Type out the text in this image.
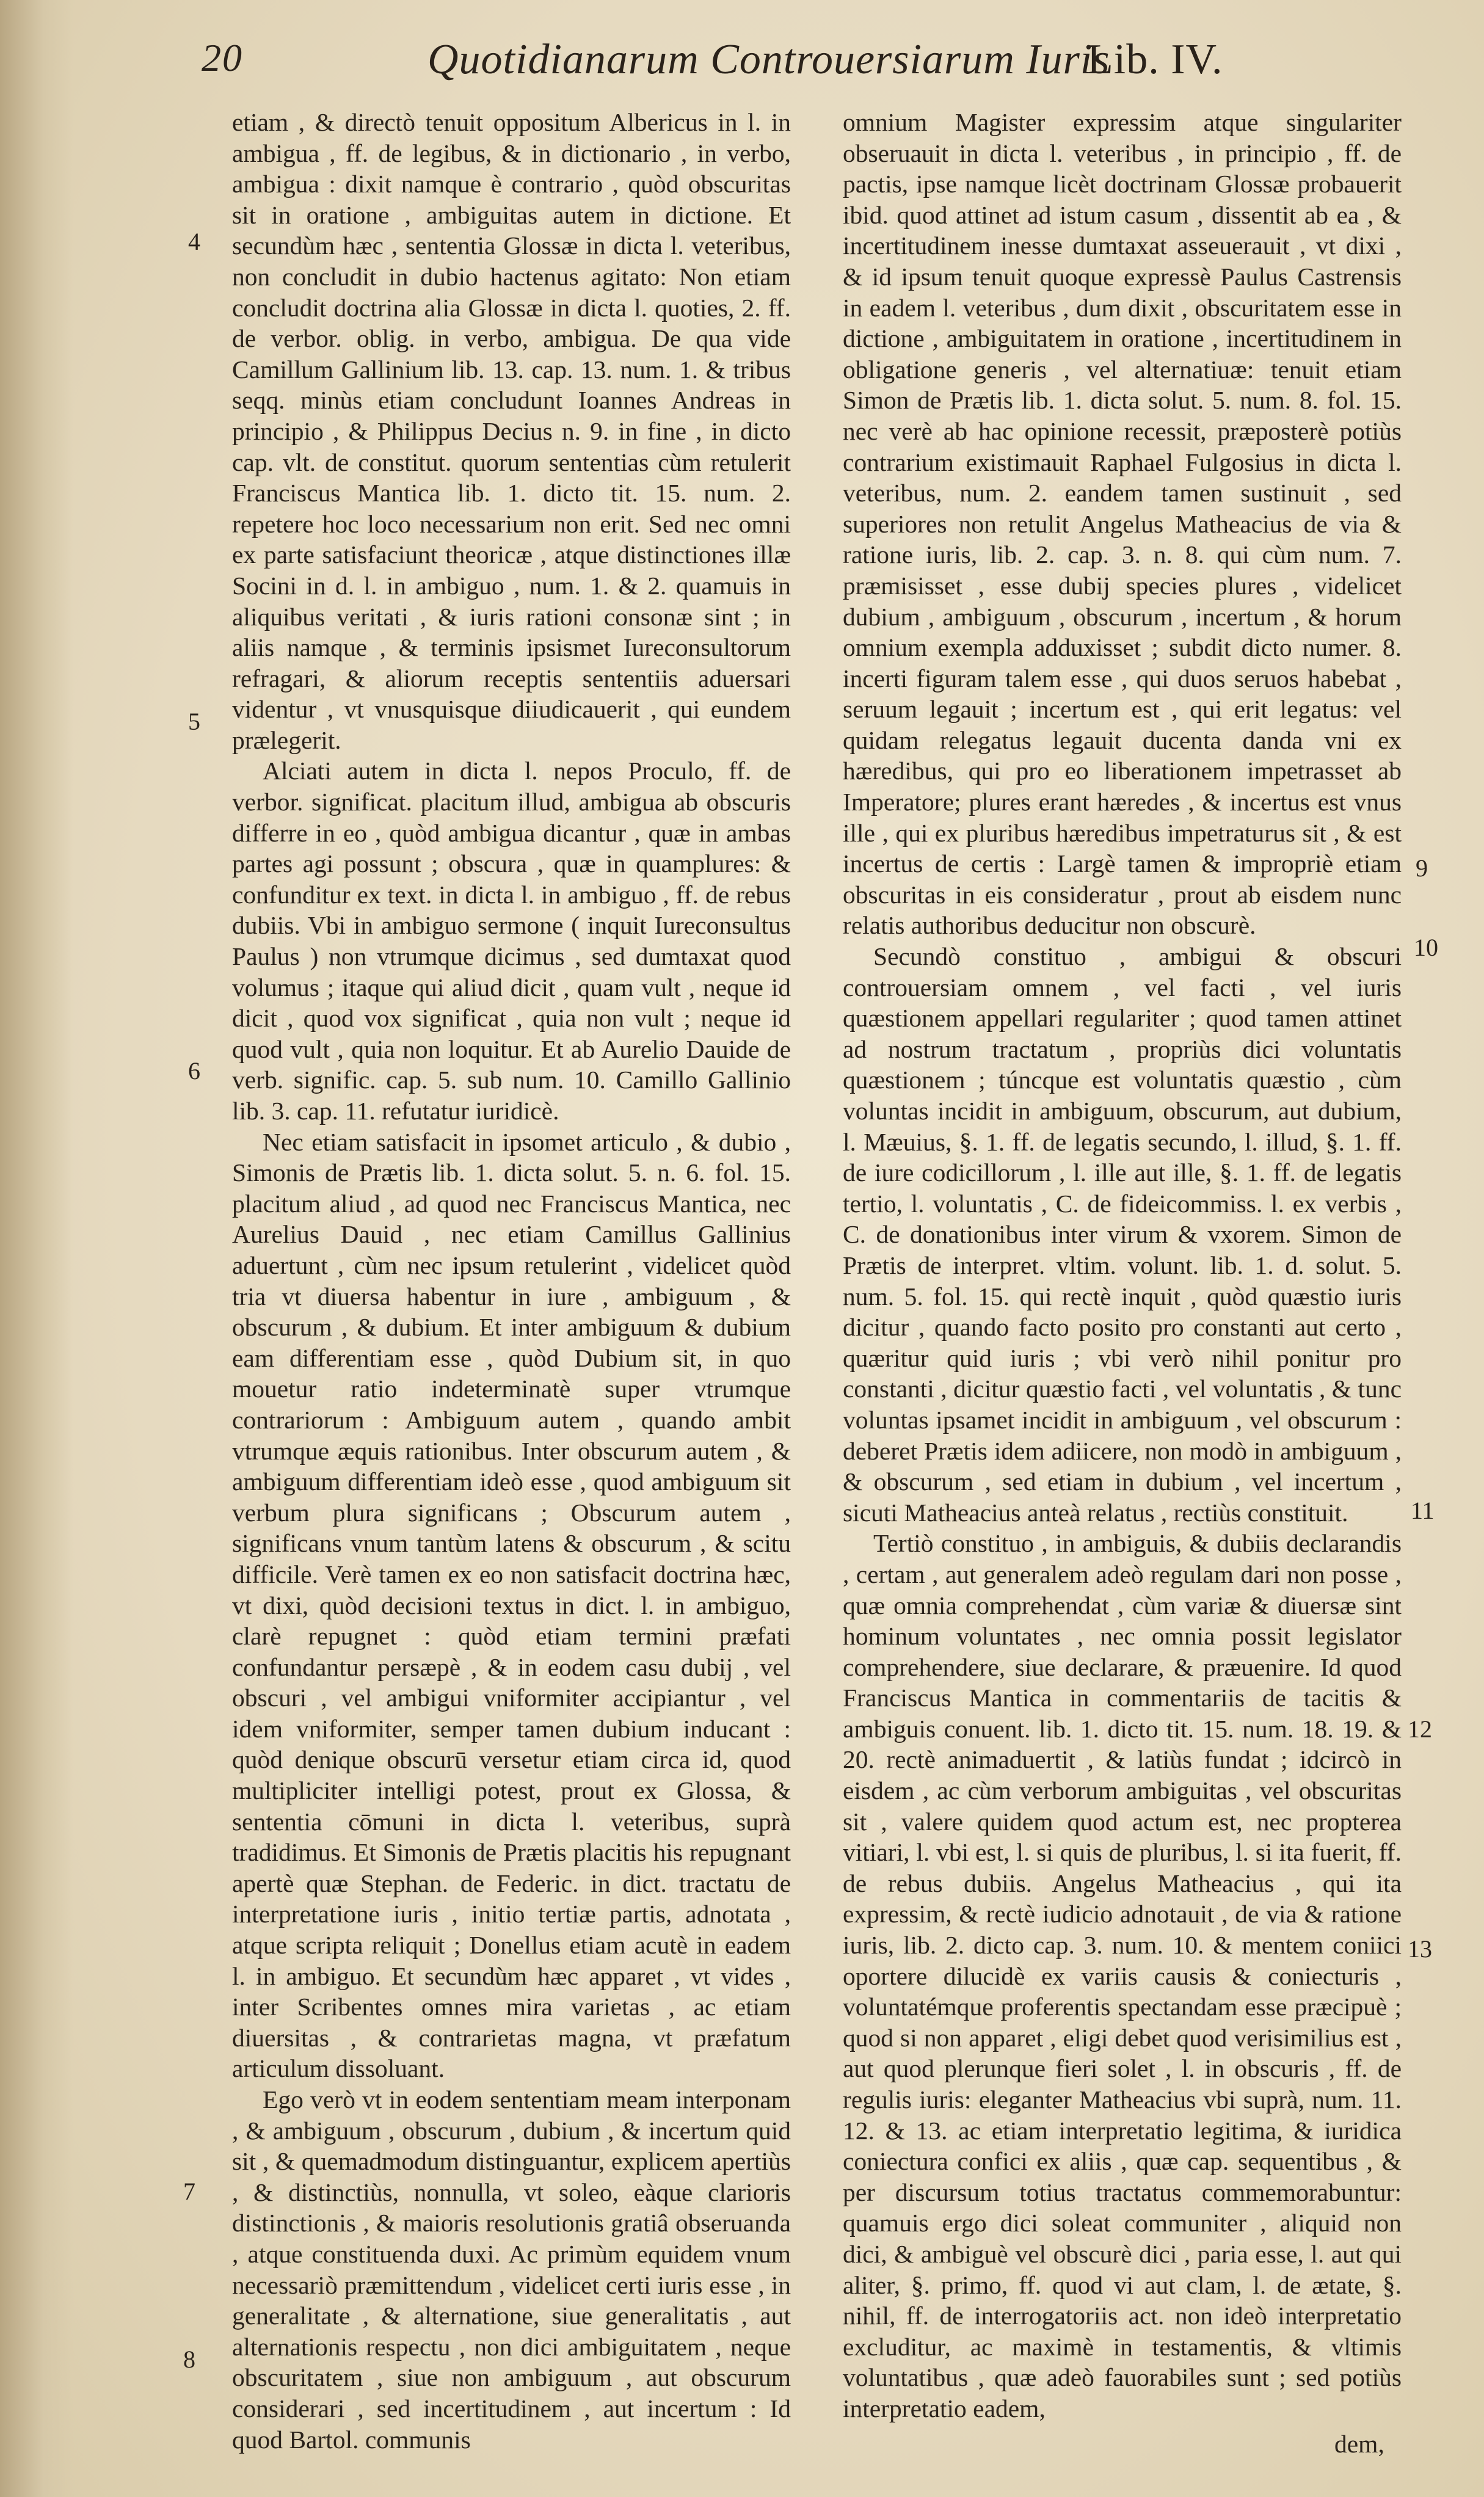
20	Quotidianarum Controuersiarum Iuris
Lib. IV.

etiam , & directò tenuit oppositum Albericus in l. in ambigua , ff. de legibus, & in dictionario , in verbo, ambigua : dixit namque è contrario , quòd obscuritas sit in oratione , ambiguitas autem in dictione. Et secundùm hæc , sententia Glossæ in dicta l. veteribus, non concludit in dubio hactenus agitato: Non etiam concludit doctrina alia Glossæ in dicta l. quoties, 2. ff. de verbor. oblig. in verbo, ambigua. De qua vide Camillum Gallinium lib. 13. cap. 13. num. 1. & tribus seqq. minùs etiam concludunt Ioannes Andreas in principio , & Philippus Decius n. 9. in fine , in dicto cap. vlt. de constitut. quorum sententias cùm retulerit Franciscus Mantica lib. 1. dicto tit. 15. num. 2. repetere hoc loco necessarium non erit. Sed nec omni ex parte satisfaciunt theoricæ , atque distinctiones illæ Socini in d. l. in ambiguo , num. 1. & 2. quamuis in aliquibus veritati , & iuris rationi consonæ sint ; in aliis namque , & terminis ipsismet Iureconsultorum refragari, & aliorum receptis sententiis aduersari videntur , vt vnusquisque diiudicauerit , qui eundem prælegerit.

Alciati autem in dicta l. nepos Proculo, ff. de verbor. significat. placitum illud, ambigua ab obscuris differre in eo , quòd ambigua dicantur , quæ in ambas partes agi possunt ; obscura , quæ in quamplures: & confunditur ex text. in dicta l. in ambiguo , ff. de rebus dubiis. Vbi in ambiguo sermone ( inquit Iureconsultus Paulus ) non vtrumque dicimus , sed dumtaxat quod volumus ; itaque qui aliud dicit , quam vult , neque id dicit , quod vox significat , quia non vult ; neque id quod vult , quia non loquitur. Et ab Aurelio Dauide de verb. signific. cap. 5. sub num. 10. Camillo Gallinio lib. 3. cap. 11. refutatur iuridicè.

Nec etiam satisfacit in ipsomet articulo , & dubio , Simonis de Prætis lib. 1. dicta solut. 5. n. 6. fol. 15. placitum aliud , ad quod nec Franciscus Mantica, nec Aurelius Dauid , nec etiam Camillus Gallinius aduertunt , cùm nec ipsum retulerint , videlicet quòd tria vt diuersa habentur in iure , ambiguum , & obscurum , & dubium. Et inter ambiguum & dubium eam differentiam esse , quòd Dubium sit, in quo mouetur ratio indeterminatè super vtrumque contrariorum : Ambiguum autem , quando ambit vtrumque æquis rationibus. Inter obscurum autem , & ambiguum differentiam ideò esse , quod ambiguum sit verbum plura significans ; Obscurum autem , significans vnum tantùm latens & obscurum , & scitu difficile. Verè tamen ex eo non satisfacit doctrina hæc, vt dixi, quòd decisioni textus in dict. l. in ambiguo, clarè repugnet : quòd etiam termini præfati confundantur persæpè , & in eodem casu dubij , vel obscuri , vel ambigui vniformiter accipiantur , vel idem vniformiter, semper tamen dubium inducant : quòd denique obscurū versetur etiam circa id, quod multipliciter intelligi potest, prout ex Glossa, & sententia cōmuni in dicta l. veteribus, suprà tradidimus. Et Simonis de Prætis placitis his repugnant apertè quæ Stephan. de Federic. in dict. tractatu de interpretatione iuris , initio tertiæ partis, adnotata , atque scripta reliquit ; Donellus etiam acutè in eadem l. in ambiguo. Et secundùm hæc apparet , vt vides , inter Scribentes omnes mira varietas , ac etiam diuersitas , & contrarietas magna, vt præfatum articulum dissoluant.

Ego verò vt in eodem sententiam meam interponam , & ambiguum , obscurum , dubium , & incertum quid sit , & quemadmodum distinguantur, explicem apertiùs , & distinctiùs, nonnulla, vt soleo, eàque clarioris distinctionis , & maioris resolutionis gratiâ obseruanda , atque constituenda duxi. Ac primùm equidem vnum necessariò præmittendum , videlicet certi iuris esse , in generalitate , & alternatione, siue generalitatis , aut alternationis respectu , non dici ambiguitatem , neque obscuritatem , siue non ambiguum , aut obscurum considerari , sed incertitudinem , aut incertum : Id quod Bartol. communis

omnium Magister expressim atque singulariter obseruauit in dicta l. veteribus , in principio , ff. de pactis, ipse namque licèt doctrinam Glossæ probauerit ibid. quod attinet ad istum casum , dissentit ab ea , & incertitudinem inesse dumtaxat asseuerauit , vt dixi , & id ipsum tenuit quoque expressè Paulus Castrensis in eadem l. veteribus , dum dixit , obscuritatem esse in dictione , ambiguitatem in oratione , incertitudinem in obligatione generis , vel alternatiuæ: tenuit etiam Simon de Prætis lib. 1. dicta solut. 5. num. 8. fol. 15. nec verè ab hac opinione recessit, præposterè potiùs contrarium existimauit Raphael Fulgosius in dicta l. veteribus, num. 2. eandem tamen sustinuit , sed superiores non retulit Angelus Matheacius de via & ratione iuris, lib. 2. cap. 3. n. 8. qui cùm num. 7. præmisisset , esse dubij species plures , videlicet dubium , ambiguum , obscurum , incertum , & horum omnium exempla adduxisset ; subdit dicto numer. 8. incerti figuram talem esse , qui duos seruos habebat , seruum legauit ; incertum est , qui erit legatus: vel quidam relegatus legauit ducenta danda vni ex hæredibus, qui pro eo liberationem impetrasset ab Imperatore; plures erant hæredes , & incertus est vnus ille , qui ex pluribus hæredibus impetraturus sit , & est incertus de certis : Largè tamen & impropriè etiam obscuritas in eis consideratur , prout ab eisdem nunc relatis authoribus deducitur non obscurè.

Secundò constituo , ambigui & obscuri controuersiam omnem , vel facti , vel iuris quæstionem appellari regulariter ; quod tamen attinet ad nostrum tractatum , propriùs dici voluntatis quæstionem ; túncque est voluntatis quæstio , cùm voluntas incidit in ambiguum, obscurum, aut dubium, l. Mæuius, §. 1. ff. de legatis secundo, l. illud, §. 1. ff. de iure codicillorum , l. ille aut ille, §. 1. ff. de legatis tertio, l. voluntatis , C. de fideicommiss. l. ex verbis , C. de donationibus inter virum & vxorem. Simon de Prætis de interpret. vltim. volunt. lib. 1. d. solut. 5. num. 5. fol. 15. qui rectè inquit , quòd quæstio iuris dicitur , quando facto posito pro constanti aut certo , quæritur quid iuris ; vbi verò nihil ponitur pro constanti , dicitur quæstio facti , vel voluntatis , & tunc voluntas ipsamet incidit in ambiguum , vel obscurum : deberet Prætis idem adiicere, non modò in ambiguum , & obscurum , sed etiam in dubium , vel incertum , sicuti Matheacius anteà relatus , rectiùs constituit.

Tertiò constituo , in ambiguis, & dubiis declarandis , certam , aut generalem adeò regulam dari non posse , quæ omnia comprehendat , cùm variæ & diuersæ sint hominum voluntates , nec omnia possit legislator comprehendere, siue declarare, & præuenire. Id quod Franciscus Mantica in commentariis de tacitis & ambiguis conuent. lib. 1. dicto tit. 15. num. 18. 19. & 20. rectè animaduertit , & latiùs fundat ; idcircò in eisdem , ac cùm verborum ambiguitas , vel obscuritas sit , valere quidem quod actum est, nec propterea vitiari, l. vbi est, l. si quis de pluribus, l. si ita fuerit, ff. de rebus dubiis. Angelus Matheacius , qui ita expressim, & rectè iudicio adnotauit , de via & ratione iuris, lib. 2. dicto cap. 3. num. 10. & mentem coniici oportere dilucidè ex variis causis & coniecturis , voluntatémque proferentis spectandam esse præcipuè ; quod si non apparet , eligi debet quod verisimilius est , aut quod plerunque fieri solet , l. in obscuris , ff. de regulis iuris: eleganter Matheacius vbi suprà, num. 11. 12. & 13. ac etiam interpretatio legitima, & iuridica coniectura confici ex aliis , quæ cap. sequentibus , & per discursum totius tractatus commemorabuntur: quamuis ergo dici soleat communiter , aliquid non dici, & ambiguè vel obscurè dici , paria esse, l. aut qui aliter, §. primo, ff. quod vi aut clam, l. de ætate, §. nihil, ff. de interrogatoriis act. non ideò interpretatio excluditur, ac maximè in testamentis, & vltimis voluntatibus , quæ adeò fauorabiles sunt ; sed potiùs interpretatio eadem,

4
5
6
7
8
9
10
11
12
13
dem,
